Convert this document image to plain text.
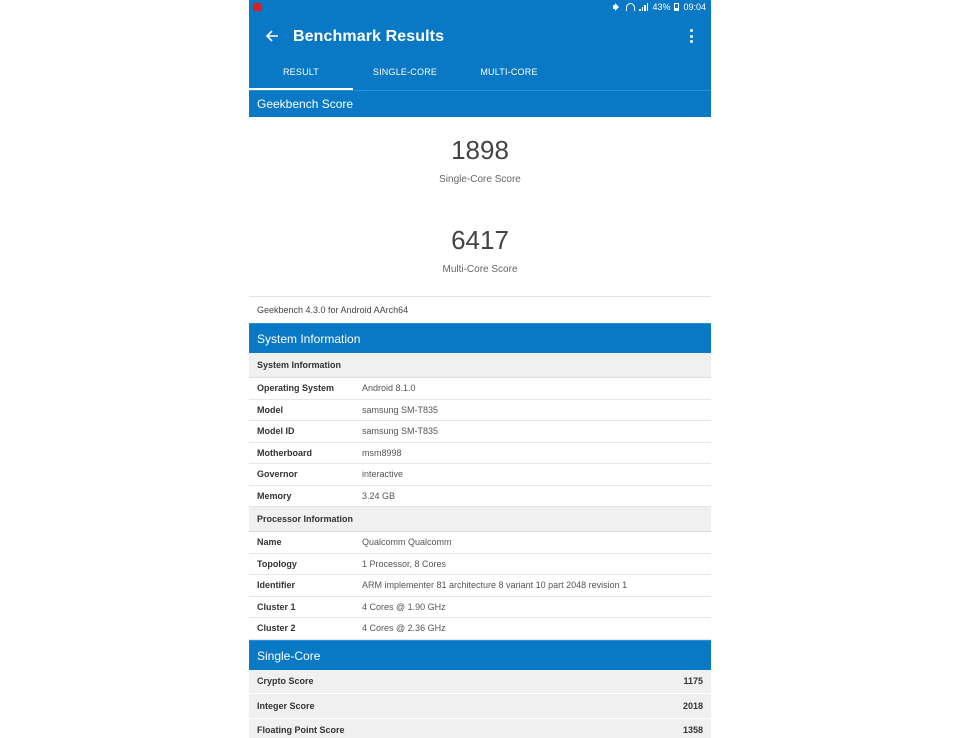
43% 09:04
Benchmark Results
RESULT	SINGLE-CORE	MULTI-CORE
Geekbench Score
1898
Single-Core Score
6417
Multi-Core Score
Geekbench 4.3.0 for Android AArch64
System Information
System Information
Operating System	Android 8.1.0
Model	samsung SM-T835
Model ID	samsung SM-T835
Motherboard	msm8998
Governor	interactive
Memory	3.24 GB
Processor Information
Name	Qualcomm Qualcomm
Topology	1 Processor, 8 Cores
Identifier	ARM implementer 81 architecture 8 variant 10 part 2048 revision 1
Cluster 1	4 Cores @ 1.90 GHz
Cluster 2	4 Cores @ 2.36 GHz
Single-Core
Crypto Score	1175
Integer Score	2018
Floating Point Score	1358
